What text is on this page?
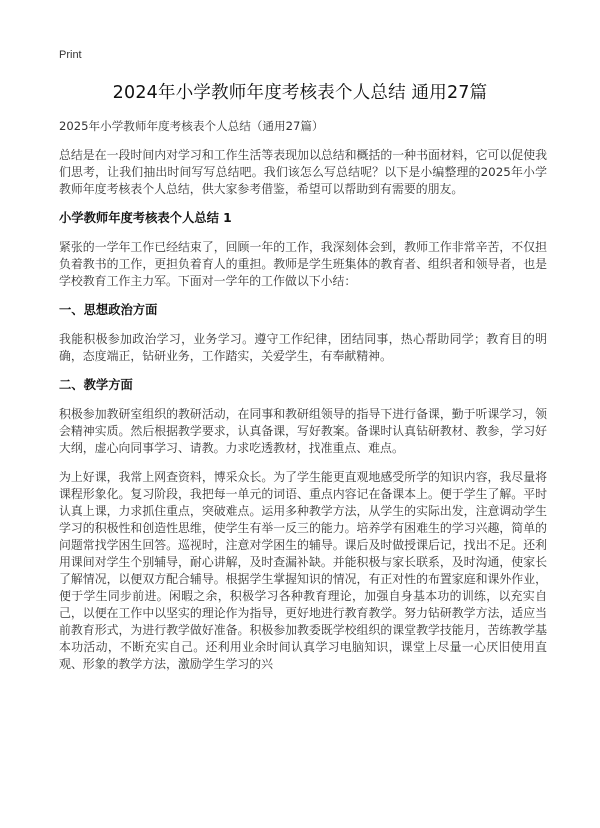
Print
2024年小学教师年度考核表个人总结 通用27篇

2025年小学教师年度考核表个人总结（通用27篇）

总结是在一段时间内对学习和工作生活等表现加以总结和概括的一种书面材料，它可以促使我们思考，让我们抽出时间写写总结吧。我们该怎么写总结呢？以下是小编整理的2025年小学教师年度考核表个人总结，供大家参考借鉴，希望可以帮助到有需要的朋友。

小学教师年度考核表个人总结 1

紧张的一学年工作已经结束了，回顾一年的工作，我深刻体会到，教师工作非常辛苦，不仅担负着教书的工作，更担负着育人的重担。教师是学生班集体的教育者、组织者和领导者，也是学校教育工作主力军。下面对一学年的工作做以下小结：

一、思想政治方面

我能积极参加政治学习，业务学习。遵守工作纪律，团结同事，热心帮助同学；教育目的明确，态度端正，钻研业务，工作踏实，关爱学生，有奉献精神。

二、教学方面

积极参加教研室组织的教研活动，在同事和教研组领导的指导下进行备课，勤于听课学习，领会精神实质。然后根据教学要求，认真备课，写好教案。备课时认真钻研教材、教参，学习好大纲，虚心向同事学习、请教。力求吃透教材，找准重点、难点。

为上好课，我常上网查资料，博采众长。为了学生能更直观地感受所学的知识内容，我尽量将课程形象化。复习阶段，我把每一单元的词语、重点内容记在备课本上。便于学生了解。平时认真上课，力求抓住重点，突破难点。运用多种教学方法，从学生的实际出发，注意调动学生学习的积极性和创造性思维，使学生有举一反三的能力。培养学有困难生的学习兴趣，简单的问题常找学困生回答。巡视时，注意对学困生的辅导。课后及时做授课后记，找出不足。还利用课间对学生个别辅导，耐心讲解，及时查漏补缺。并能积极与家长联系，及时沟通，使家长了解情况，以便双方配合辅导。根据学生掌握知识的情况，有正对性的布置家庭和课外作业，便于学生同步前进。闲暇之余，积极学习各种教育理论，加强自身基本功的训练，以充实自己，以便在工作中以坚实的理论作为指导，更好地进行教育教学。努力钻研教学方法，适应当前教育形式，为进行教学做好准备。积极参加教委既学校组织的课堂教学技能月，苦练教学基本功活动，不断充实自己。还利用业余时间认真学习电脑知识，课堂上尽量一心厌旧使用直观、形象的教学方法，激励学生学习的兴
